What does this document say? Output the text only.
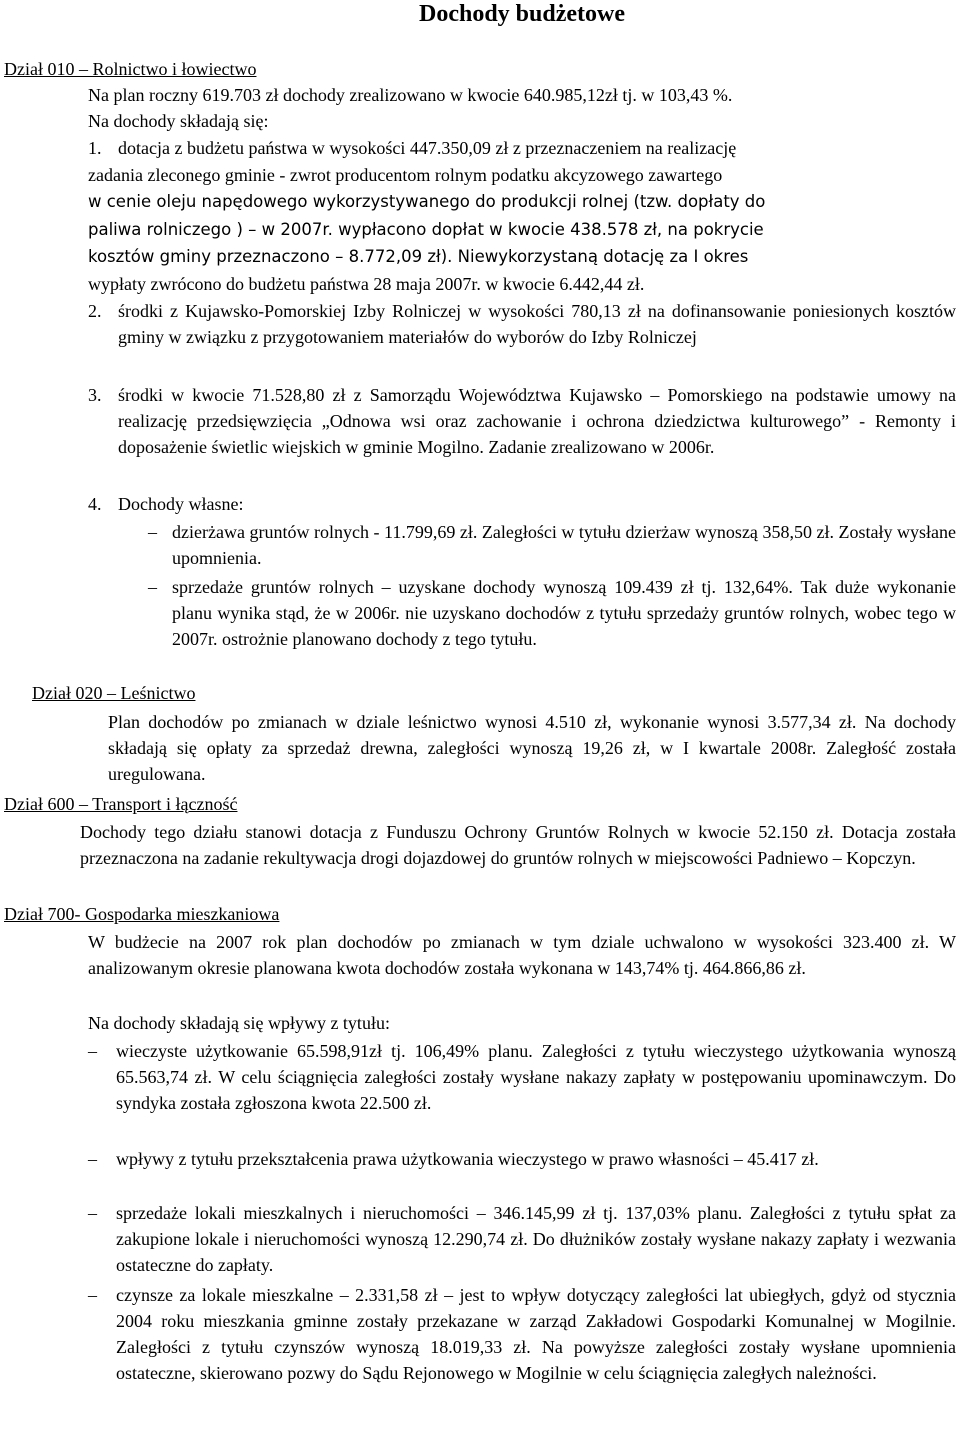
Dochody budżetowe
Dział 010 – Rolnictwo i łowiectwo
Na plan roczny 619.703 zł dochody zrealizowano w kwocie 640.985,12zł tj. w 103,43 %.
Na dochody składają się:
1. dotacja z budżetu państwa w wysokości 447.350,09 zł z przeznaczeniem na realizację
zadania zleconego gminie - zwrot producentom rolnym podatku akcyzowego zawartego
w cenie oleju napędowego wykorzystywanego do produkcji rolnej (tzw. dopłaty do
paliwa rolniczego ) – w 2007r. wypłacono dopłat w kwocie 438.578 zł, na pokrycie
kosztów gminy przeznaczono – 8.772,09 zł). Niewykorzystaną dotację za I okres
wypłaty zwrócono do budżetu państwa 28 maja 2007r. w kwocie 6.442,44 zł.
2. środki z Kujawsko-Pomorskiej Izby Rolniczej w wysokości 780,13 zł na dofinansowanie poniesionych kosztów gminy w związku z przygotowaniem materiałów do wyborów do Izby Rolniczej
3. środki w kwocie 71.528,80 zł z Samorządu Województwa Kujawsko – Pomorskiego na podstawie umowy na realizację przedsięwzięcia „Odnowa wsi oraz zachowanie i ochrona dziedzictwa kulturowego” - Remonty i doposażenie świetlic wiejskich w gminie Mogilno. Zadanie zrealizowano w 2006r.
4. Dochody własne:
– dzierżawa gruntów rolnych - 11.799,69 zł. Zaległości w tytułu dzierżaw wynoszą 358,50 zł. Zostały wysłane upomnienia.
– sprzedaże gruntów rolnych – uzyskane dochody wynoszą 109.439 zł tj. 132,64%. Tak duże wykonanie planu wynika stąd, że w 2006r. nie uzyskano dochodów z tytułu sprzedaży gruntów rolnych, wobec tego w 2007r. ostrożnie planowano dochody z tego tytułu.
Dział 020 – Leśnictwo
Plan dochodów po zmianach w dziale leśnictwo wynosi 4.510 zł, wykonanie wynosi 3.577,34 zł. Na dochody składają się opłaty za sprzedaż drewna, zaległości wynoszą 19,26 zł, w I kwartale 2008r. Zaległość została uregulowana.
Dział 600 – Transport i łączność
Dochody tego działu stanowi dotacja z Funduszu Ochrony Gruntów Rolnych w kwocie 52.150 zł. Dotacja została przeznaczona na zadanie rekultywacja drogi dojazdowej do gruntów rolnych w miejscowości Padniewo – Kopczyn.
Dział 700- Gospodarka mieszkaniowa
W budżecie na 2007 rok plan dochodów po zmianach w tym dziale uchwalono w wysokości 323.400 zł. W analizowanym okresie planowana kwota dochodów została wykonana w 143,74% tj. 464.866,86 zł.
Na dochody składają się wpływy z tytułu:
– wieczyste użytkowanie 65.598,91zł tj. 106,49% planu. Zaległości z tytułu wieczystego użytkowania wynoszą 65.563,74 zł. W celu ściągnięcia zaległości zostały wysłane nakazy zapłaty w postępowaniu upominawczym. Do syndyka została zgłoszona kwota 22.500 zł.
– wpływy z tytułu przekształcenia prawa użytkowania wieczystego w prawo własności – 45.417 zł.
– sprzedaże lokali mieszkalnych i nieruchomości – 346.145,99 zł tj. 137,03% planu. Zaległości z tytułu spłat za zakupione lokale i nieruchomości wynoszą 12.290,74 zł. Do dłużników zostały wysłane nakazy zapłaty i wezwania ostateczne do zapłaty.
– czynsze za lokale mieszkalne – 2.331,58 zł – jest to wpływ dotyczący zaległości lat ubiegłych, gdyż od stycznia 2004 roku mieszkania gminne zostały przekazane w zarząd Zakładowi Gospodarki Komunalnej w Mogilnie. Zaległości z tytułu czynszów wynoszą 18.019,33 zł. Na powyższe zaległości zostały wysłane upomnienia ostateczne, skierowano pozwy do Sądu Rejonowego w Mogilnie w celu ściągnięcia zaległych należności.
